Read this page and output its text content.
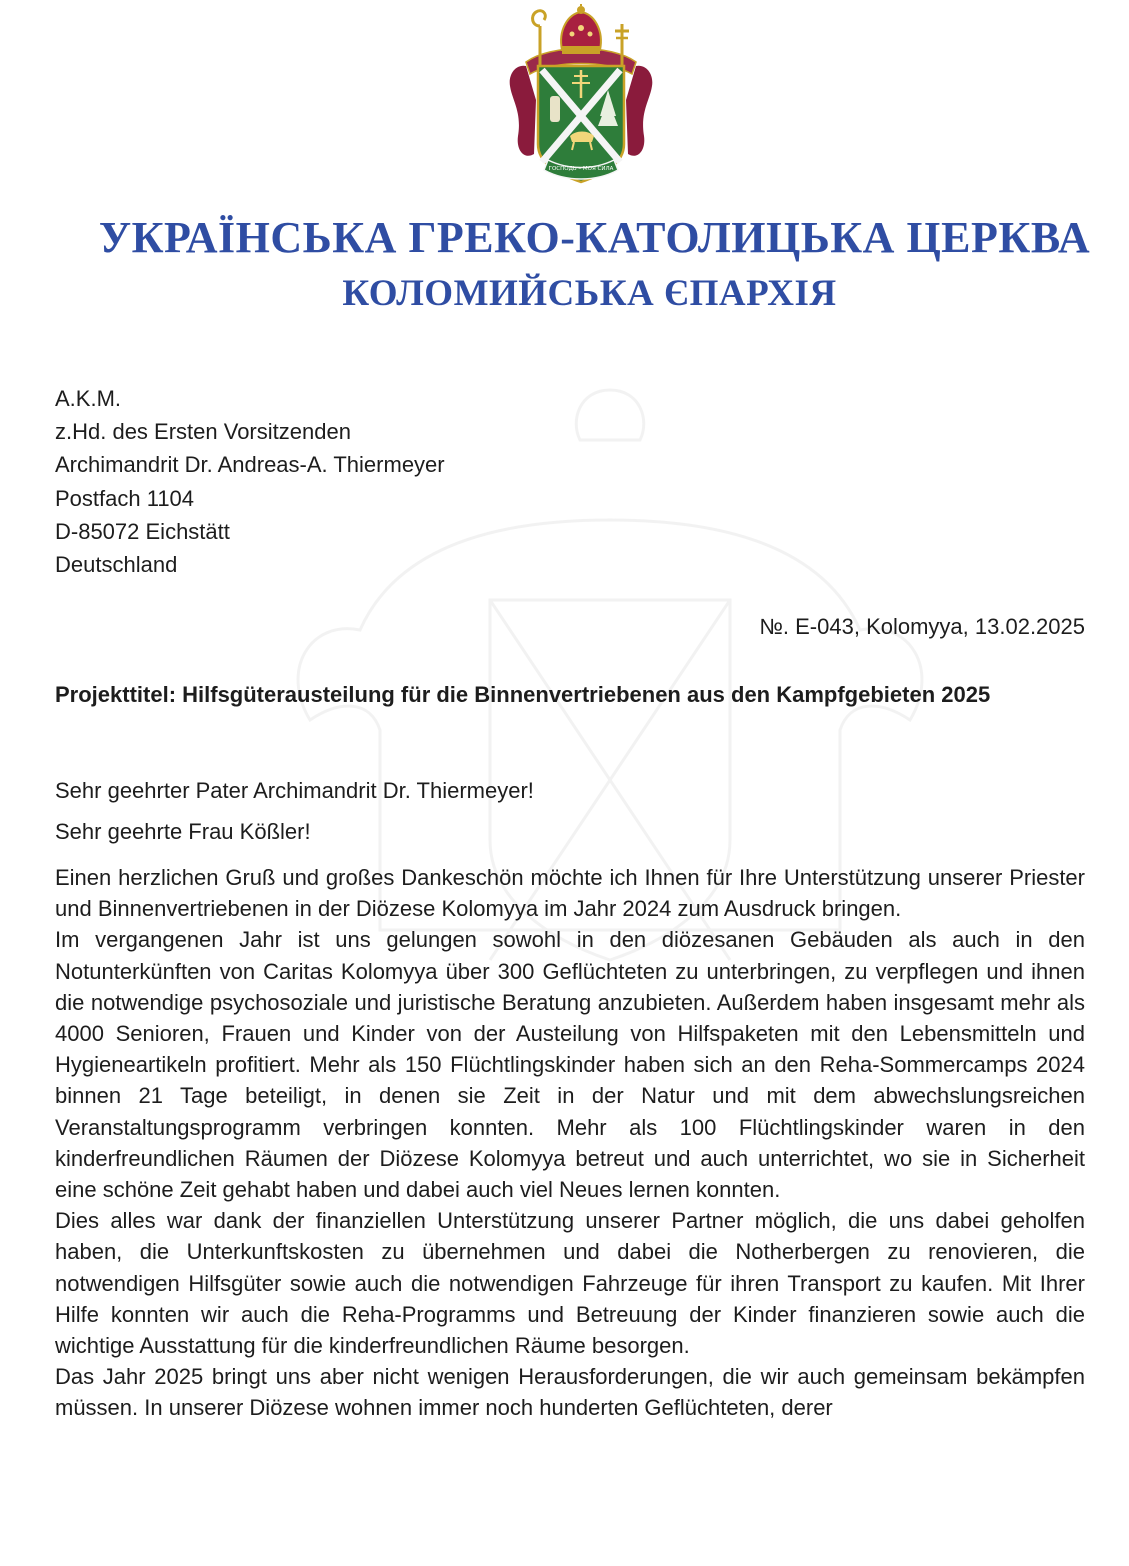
ГОСПОДЬ – МОЯ СИЛА
УКРАЇНСЬКА ГРЕКО-КАТОЛИЦЬКА ЦЕРКВА
КОЛОМИЙСЬКА ЄПАРХІЯ
A.K.M.
z.Hd. des Ersten Vorsitzenden
Archimandrit Dr. Andreas-A. Thiermeyer
Postfach 1104
D-85072 Eichstätt
Deutschland
№. E-043, Kolomyya, 13.02.2025
Projekttitel: Hilfsgüterausteilung für die Binnenvertriebenen aus den Kampfgebieten 2025
Sehr geehrter Pater Archimandrit Dr. Thiermeyer!
Sehr geehrte Frau Kößler!

Einen herzlichen Gruß und großes Dankeschön möchte ich Ihnen für Ihre Unterstützung unserer Priester und Binnenvertriebenen in der Diözese Kolomyya im Jahr 2024 zum Ausdruck bringen.

Im vergangenen Jahr ist uns gelungen sowohl in den diözesanen Gebäuden als auch in den Notunterkünften von Caritas Kolomyya über 300 Geflüchteten zu unterbringen, zu verpflegen und ihnen die notwendige psychosoziale und juristische Beratung anzubieten. Außerdem haben insgesamt mehr als 4000 Senioren, Frauen und Kinder von der Austeilung von Hilfspaketen mit den Lebensmitteln und Hygieneartikeln profitiert. Mehr als 150 Flüchtlingskinder haben sich an den Reha-Sommercamps 2024 binnen 21 Tage beteiligt, in denen sie Zeit in der Natur und mit dem abwechslungsreichen Veranstaltungsprogramm verbringen konnten. Mehr als 100 Flüchtlingskinder waren in den kinderfreundlichen Räumen der Diözese Kolomyya betreut und auch unterrichtet, wo sie in Sicherheit eine schöne Zeit gehabt haben und dabei auch viel Neues lernen konnten.

Dies alles war dank der finanziellen Unterstützung unserer Partner möglich, die uns dabei geholfen haben, die Unterkunftskosten zu übernehmen und dabei die Notherbergen zu renovieren, die notwendigen Hilfsgüter sowie auch die notwendigen Fahrzeuge für ihren Transport zu kaufen. Mit Ihrer Hilfe konnten wir auch die Reha-Programms und Betreuung der Kinder finanzieren sowie auch die wichtige Ausstattung für die kinderfreundlichen Räume besorgen.

Das Jahr 2025 bringt uns aber nicht wenigen Herausforderungen, die wir auch gemeinsam bekämpfen müssen. In unserer Diözese wohnen immer noch hunderten Geflüchteten, derer
